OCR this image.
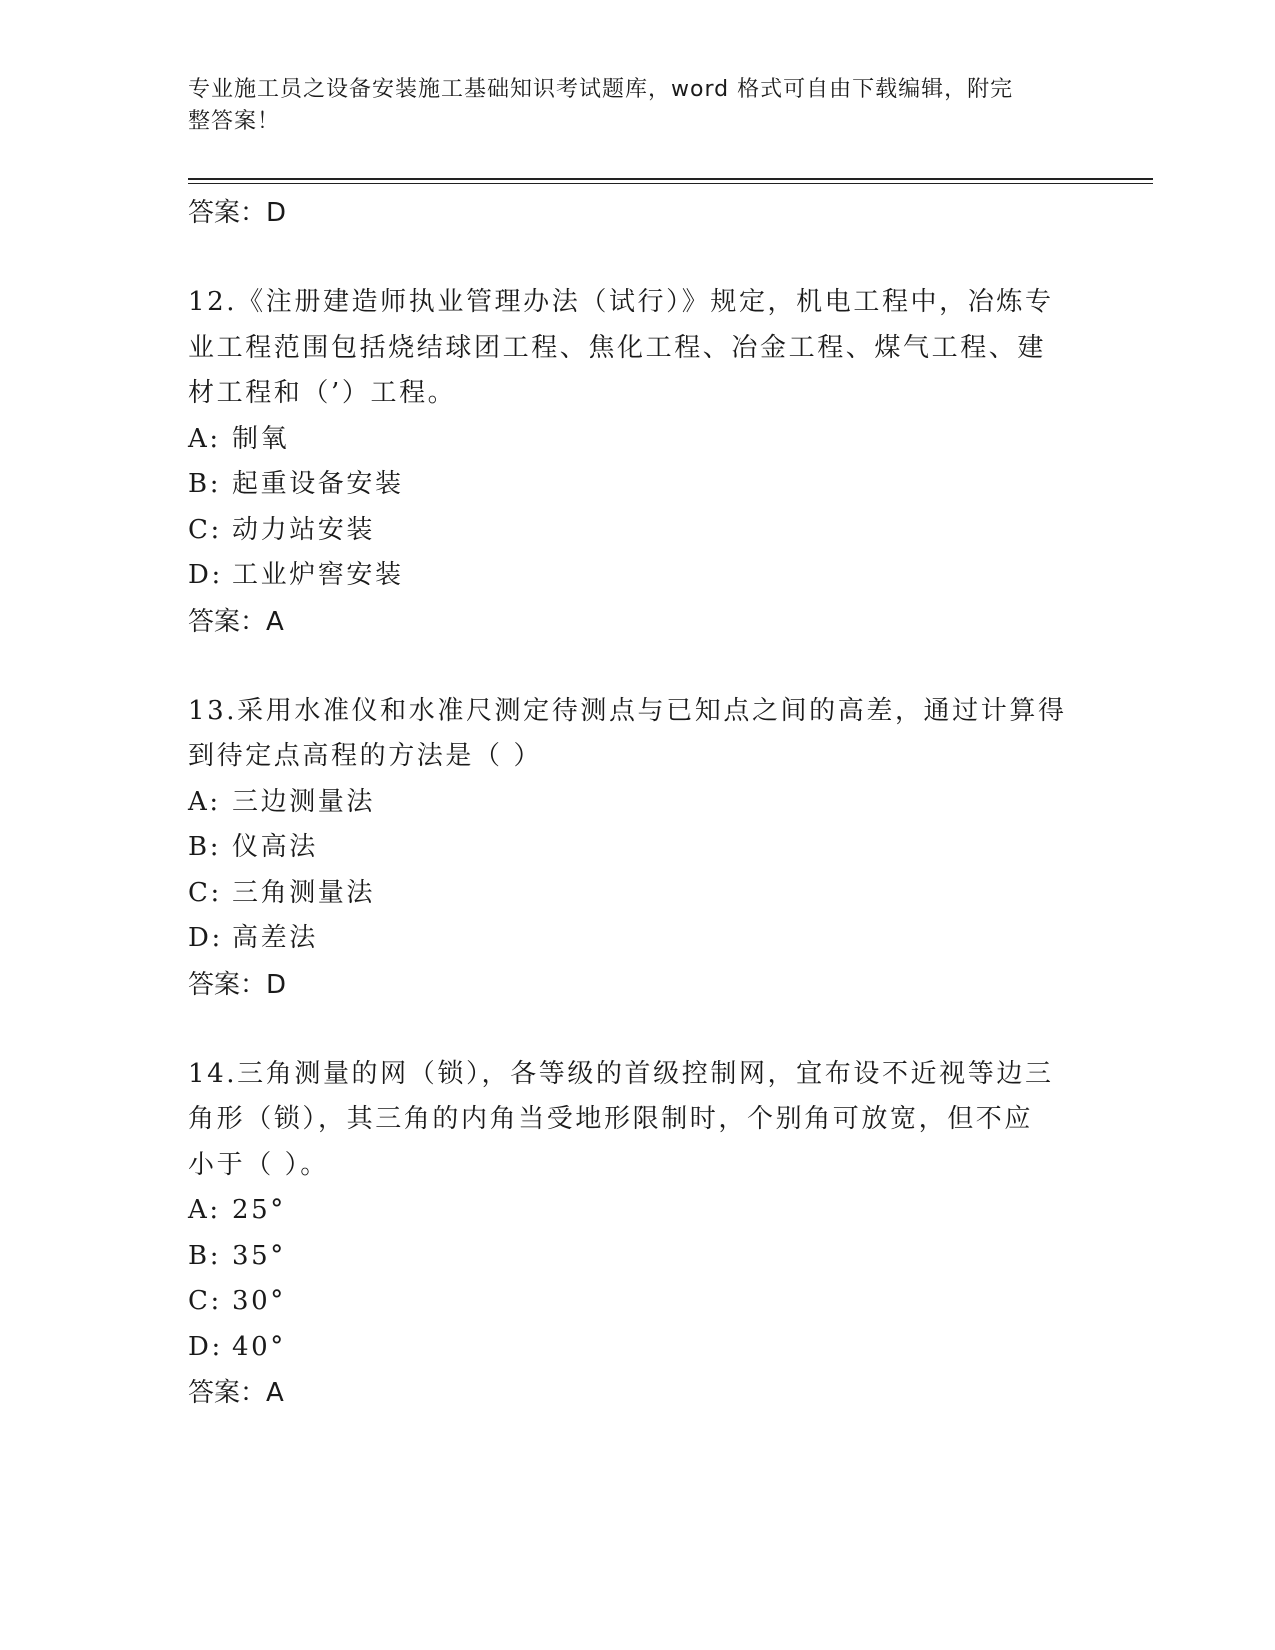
专业施工员之设备安装施工基础知识考试题库，word 格式可自由下载编辑，附完
整答案！
答案：D
12.《注册建造师执业管理办法（试行）》规定，机电工程中，冶炼专
业工程范围包括烧结球团工程、焦化工程、冶金工程、煤气工程、建
材工程和（’）工程。
A: 制氧
B: 起重设备安装
C: 动力站安装
D: 工业炉窖安装
答案：A
13.采用水准仪和水准尺测定待测点与已知点之间的高差，通过计算得
到待定点高程的方法是（ ）
A: 三边测量法
B: 仪高法
C: 三角测量法
D: 高差法
答案：D
14.三角测量的网（锁），各等级的首级控制网，宜布设不近视等边三
角形（锁），其三角的内角当受地形限制时，个别角可放宽，但不应
小于（ ）。
A: 25°
B: 35°
C: 30°
D: 40°
答案：A
